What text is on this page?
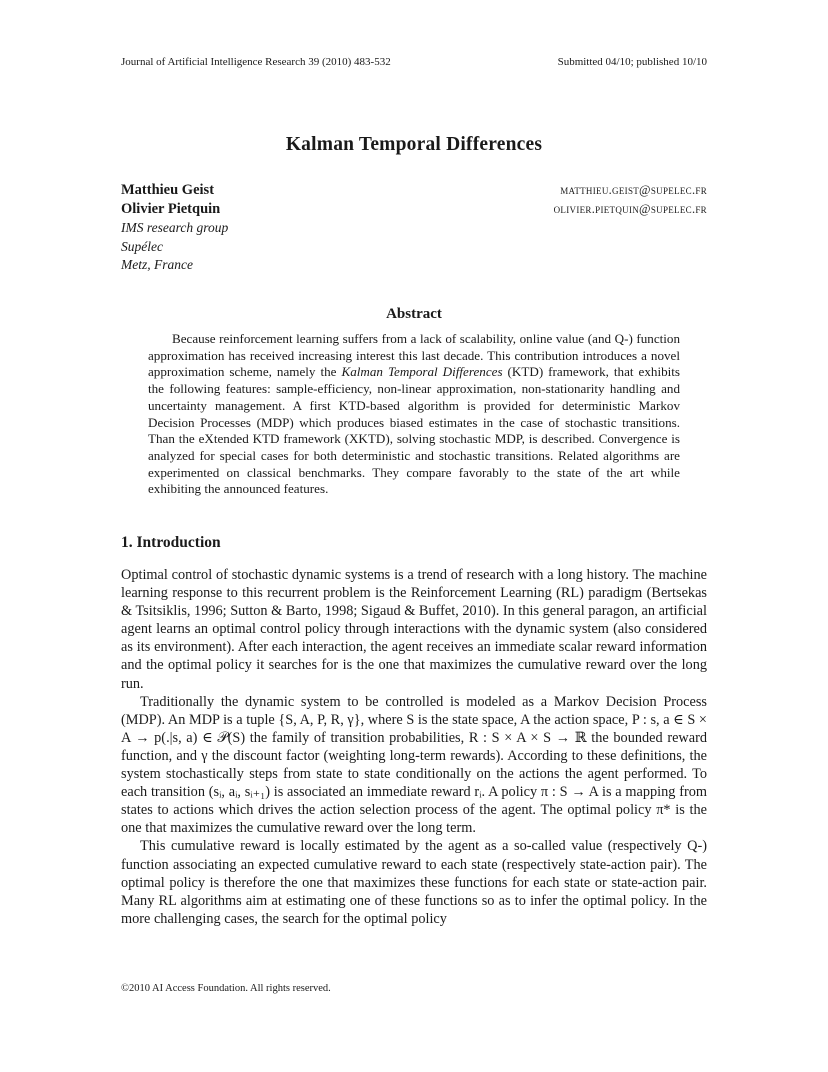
Journal of Artificial Intelligence Research 39 (2010) 483-532	Submitted 04/10; published 10/10
Kalman Temporal Differences
Matthieu Geist	matthieu.geist@supelec.fr
Olivier Pietquin	olivier.pietquin@supelec.fr
IMS research group
Supélec
Metz, France
Abstract
Because reinforcement learning suffers from a lack of scalability, online value (and Q-) function approximation has received increasing interest this last decade. This contribution introduces a novel approximation scheme, namely the Kalman Temporal Differences (KTD) framework, that exhibits the following features: sample-efficiency, non-linear approximation, non-stationarity handling and uncertainty management. A first KTD-based algorithm is provided for deterministic Markov Decision Processes (MDP) which produces biased estimates in the case of stochastic transitions. Than the eXtended KTD framework (XKTD), solving stochastic MDP, is described. Convergence is analyzed for special cases for both deterministic and stochastic transitions. Related algorithms are experimented on classical benchmarks. They compare favorably to the state of the art while exhibiting the announced features.
1. Introduction

Optimal control of stochastic dynamic systems is a trend of research with a long history. The machine learning response to this recurrent problem is the Reinforcement Learning (RL) paradigm (Bertsekas & Tsitsiklis, 1996; Sutton & Barto, 1998; Sigaud & Buffet, 2010). In this general paragon, an artificial agent learns an optimal control policy through interactions with the dynamic system (also considered as its environment). After each interaction, the agent receives an immediate scalar reward information and the optimal policy it searches for is the one that maximizes the cumulative reward over the long run.

Traditionally the dynamic system to be controlled is modeled as a Markov Decision Process (MDP). An MDP is a tuple {S, A, P, R, γ}, where S is the state space, A the action space, P : s, a ∈ S × A → p(.|s, a) ∈ 𝒫(S) the family of transition probabilities, R : S × A × S → ℝ the bounded reward function, and γ the discount factor (weighting long-term rewards). According to these definitions, the system stochastically steps from state to state conditionally on the actions the agent performed. To each transition (sᵢ, aᵢ, sᵢ₊₁) is associated an immediate reward rᵢ. A policy π : S → A is a mapping from states to actions which drives the action selection process of the agent. The optimal policy π* is the one that maximizes the cumulative reward over the long term.

This cumulative reward is locally estimated by the agent as a so-called value (respectively Q-) function associating an expected cumulative reward to each state (respectively state-action pair). The optimal policy is therefore the one that maximizes these functions for each state or state-action pair. Many RL algorithms aim at estimating one of these functions so as to infer the optimal policy. In the more challenging cases, the search for the optimal policy

©2010 AI Access Foundation. All rights reserved.
